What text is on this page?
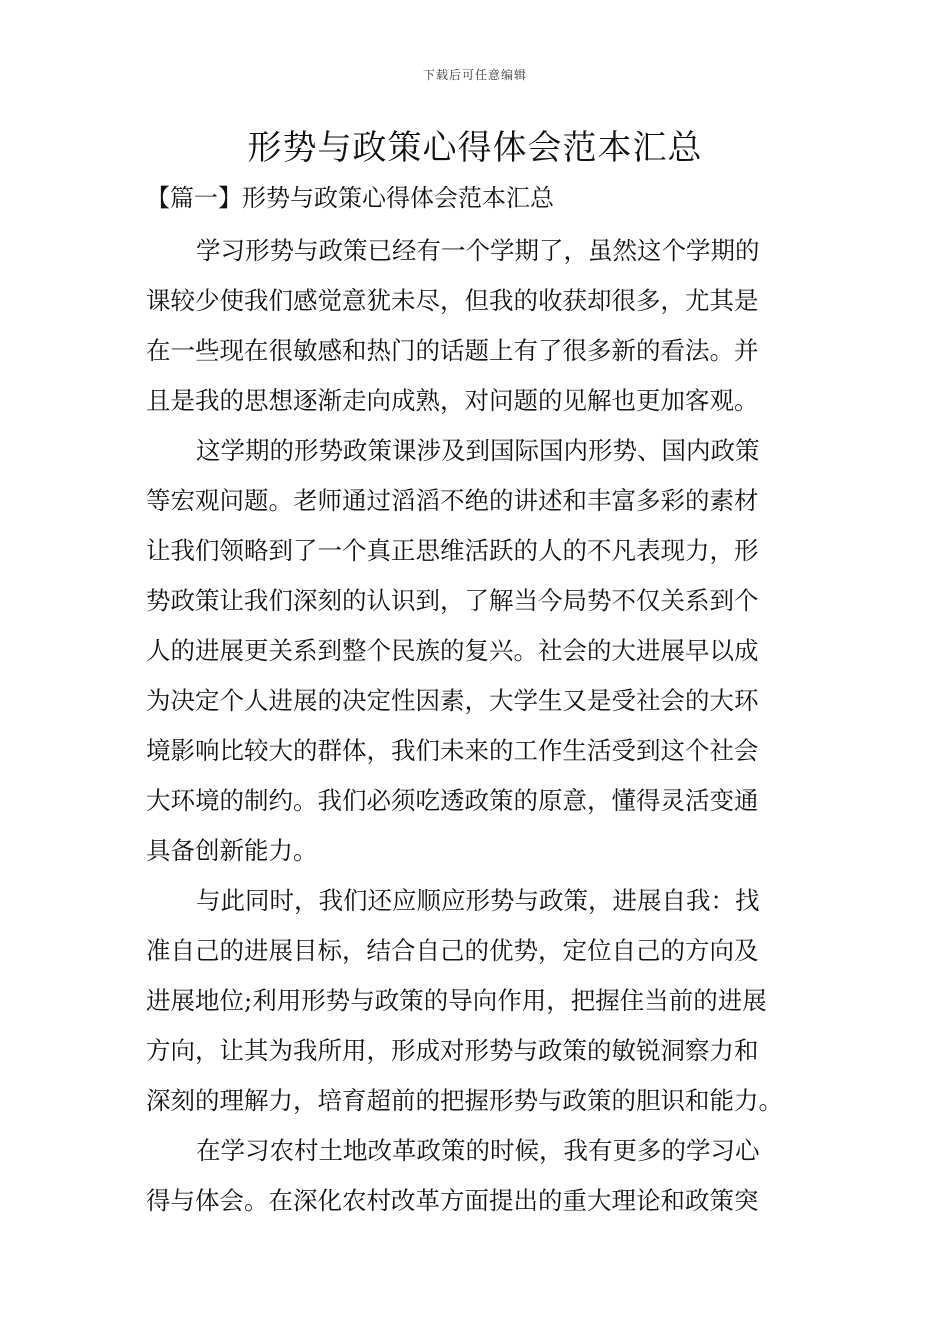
下载后可任意编辑
形势与政策心得体会范本汇总
【篇一】形势与政策心得体会范本汇总
学习形势与政策已经有一个学期了，虽然这个学期的
课较少使我们感觉意犹未尽，但我的收获却很多，尤其是
在一些现在很敏感和热门的话题上有了很多新的看法。并
且是我的思想逐渐走向成熟，对问题的见解也更加客观。
这学期的形势政策课涉及到国际国内形势、国内政策
等宏观问题。老师通过滔滔不绝的讲述和丰富多彩的素材
让我们领略到了一个真正思维活跃的人的不凡表现力，形
势政策让我们深刻的认识到，了解当今局势不仅关系到个
人的进展更关系到整个民族的复兴。社会的大进展早以成
为决定个人进展的决定性因素，大学生又是受社会的大环
境影响比较大的群体，我们未来的工作生活受到这个社会
大环境的制约。我们必须吃透政策的原意，懂得灵活变通
具备创新能力。
与此同时，我们还应顺应形势与政策，进展自我：找
准自己的进展目标，结合自己的优势，定位自己的方向及
进展地位;利用形势与政策的导向作用，把握住当前的进展
方向，让其为我所用，形成对形势与政策的敏锐洞察力和
深刻的理解力，培育超前的把握形势与政策的胆识和能力。
在学习农村土地改革政策的时候，我有更多的学习心
得与体会。在深化农村改革方面提出的重大理论和政策突
